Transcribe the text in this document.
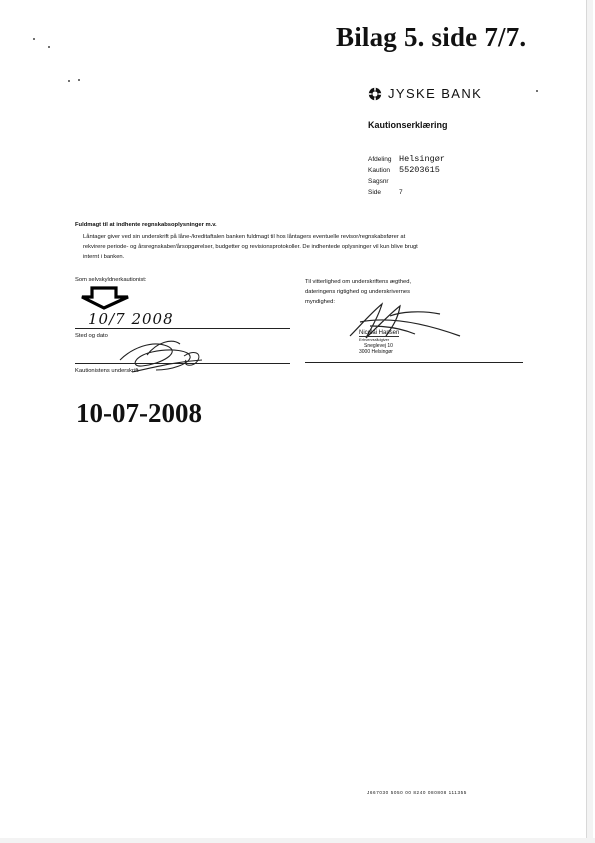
Bilag 5. side 7/7.
JYSKE BANK
Kautionserklæring
Afdeling Helsingør
Kaution	55203615
Sagsnr
Side	7
Fuldmagt til at indhente regnskabsoplysninger m.v.
Låntager giver ved sin underskrift på låne-/kreditaftalen banken fuldmagt til hos låntagers eventuelle revisor/regnskabsfører at
rekvirere periode- og årsregnskaber/årsopgørelser, budgetter og revisionsprotokoller. De indhentede oplysninger vil kun blive brugt
internt i banken.
Som selvskyldnerkautionist:
10/7 2008
Sted og dato
Kautionistens underskrift
Til vitterlighed om underskriftens ægthed,
dateringens rigtighed og underskrivernes
myndighed:
Nicolai Hansen
Erhvervsrådgiver
Sneglevej 10
3000 Helsingør
10-07-2008
J667030 5050 00 8240 080808 111355
